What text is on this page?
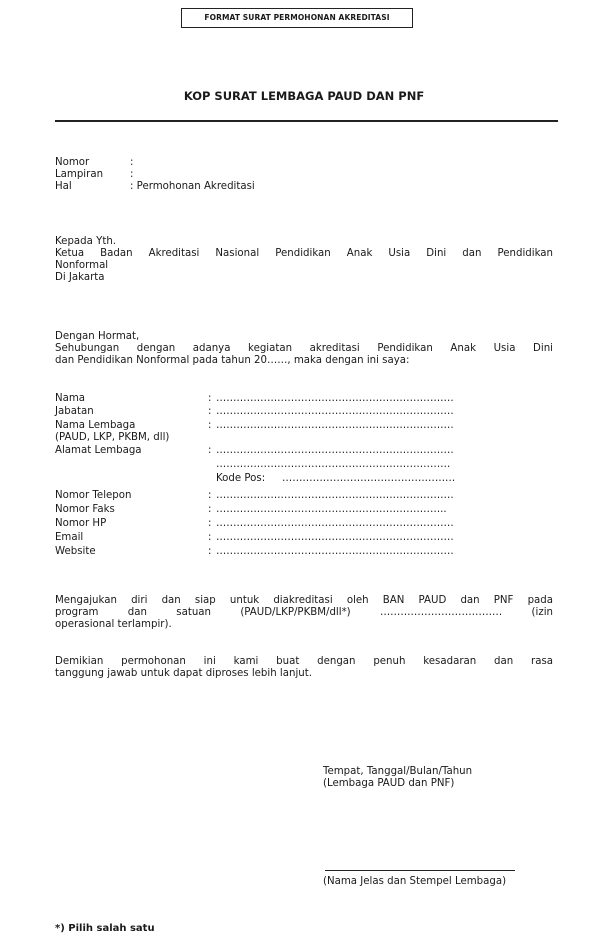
FORMAT SURAT PERMOHONAN AKREDITASI
KOP SURAT LEMBAGA PAUD DAN PNF
Nomor	:
Lampiran	:
Hal	: Permohonan Akreditasi
Kepada Yth.
Ketua Badan Akreditasi Nasional Pendidikan Anak Usia Dini dan Pendidikan
Nonformal
Di Jakarta
Dengan Hormat,
Sehubungan dengan adanya kegiatan akreditasi Pendidikan Anak Usia Dini
dan Pendidikan Nonformal pada tahun 20……, maka dengan ini saya:
Nama	: …………………………………………………………….
Jabatan	: …………………………………………………………….
Nama Lembaga	: …………………………………………………………….
(PAUD, LKP, PKBM, dll)
Alamat Lembaga	: …………………………………………………………….
……………………………………………………………
Kode Pos: ……………………………………………
Nomor Telepon	: …………………………………………………………….
Nomor Faks	: …………………………………………………………..
Nomor HP	: …………………………………………………………….
Email	: …………………………………………………………….
Website	: …………………………………………………………….
Mengajukan diri dan siap untuk diakreditasi oleh BAN PAUD dan PNF pada
program dan satuan (PAUD/LKP/PKBM/dll*) ……………………………… (izin
operasional terlampir).
Demikian permohonan ini kami buat dengan penuh kesadaran dan rasa
tanggung jawab untuk dapat diproses lebih lanjut.
Tempat, Tanggal/Bulan/Tahun
(Lembaga PAUD dan PNF)
(Nama Jelas dan Stempel Lembaga)
*) Pilih salah satu
